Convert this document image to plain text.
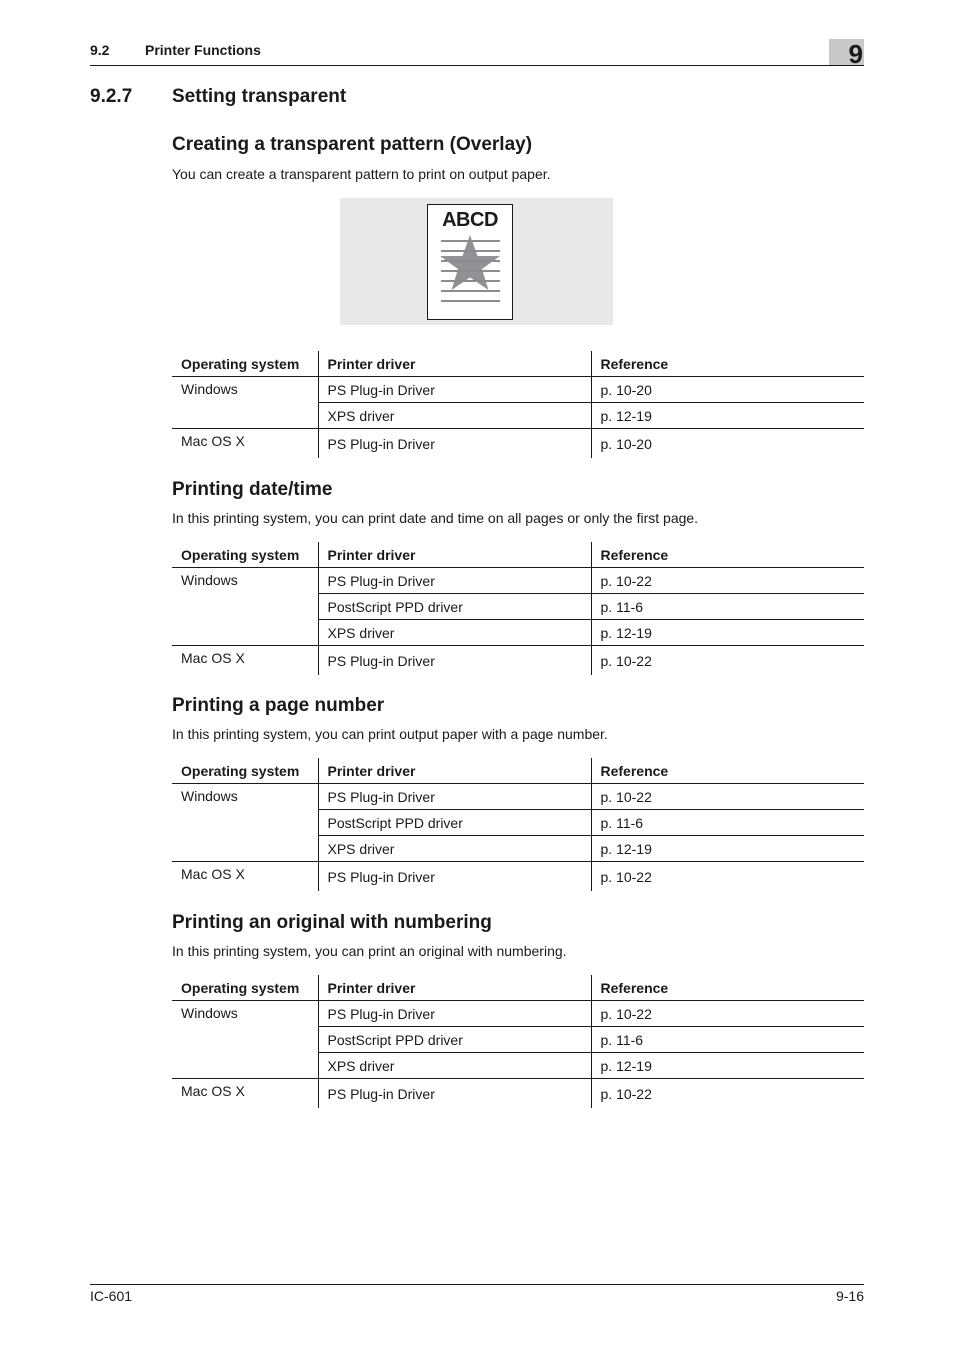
9.2	Printer Functions	9
9.2.7 Setting transparent
Creating a transparent pattern (Overlay)
You can create a transparent pattern to print on output paper.
ABCD
Operating system	Printer driver	Reference
Windows	PS Plug-in Driver	p. 10-20
	XPS driver	p. 12-19
Mac OS X	PS Plug-in Driver	p. 10-20
Printing date/time
In this printing system, you can print date and time on all pages or only the first page.
Operating system	Printer driver	Reference
Windows	PS Plug-in Driver	p. 10-22
	PostScript PPD driver	p. 11-6
	XPS driver	p. 12-19
Mac OS X	PS Plug-in Driver	p. 10-22
Printing a page number
In this printing system, you can print output paper with a page number.
Operating system	Printer driver	Reference
Windows	PS Plug-in Driver	p. 10-22
	PostScript PPD driver	p. 11-6
	XPS driver	p. 12-19
Mac OS X	PS Plug-in Driver	p. 10-22
Printing an original with numbering
In this printing system, you can print an original with numbering.
Operating system	Printer driver	Reference
Windows	PS Plug-in Driver	p. 10-22
	PostScript PPD driver	p. 11-6
	XPS driver	p. 12-19
Mac OS X	PS Plug-in Driver	p. 10-22
IC-601	9-16
